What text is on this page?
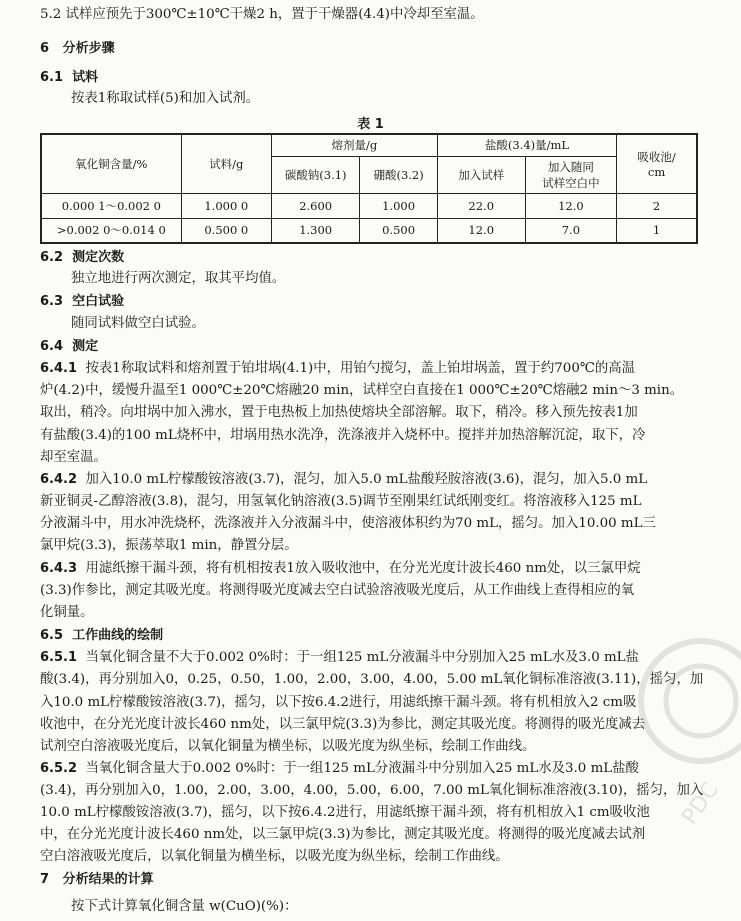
5.2 试样应预先于300℃±10℃干燥2 h，置于干燥器(4.4)中冷却至室温。
6 分析步骤
6.1 试料
按表1称取试样(5)和加入试剂。
表 1
氧化铜含量/%	试料/g	熔剂量/g		盐酸(3.4)量/mL		吸收池/
cm

		碳酸钠(3.1)	硼酸(3.2)	加入试样	加入随同
试样空白中	

0.000 1～0.002 0	1.000 0	2.600	1.000	22.0	12.0	2
>0.002 0～0.014 0	0.500 0	1.300	0.500	12.0	7.0	1
6.2 测定次数
独立地进行两次测定，取其平均值。
6.3 空白试验
随同试料做空白试验。
6.4 测定
6.4.1 按表1称取试料和熔剂置于铂坩埚(4.1)中，用铂勺搅匀，盖上铂坩埚盖，置于约700℃的高温
炉(4.2)中，缓慢升温至1 000℃±20℃熔融20 min，试样空白直接在1 000℃±20℃熔融2 min～3 min。
取出，稍冷。向坩埚中加入沸水，置于电热板上加热使熔块全部溶解。取下，稍冷。移入预先按表1加
有盐酸(3.4)的100 mL烧杯中，坩埚用热水洗净，洗涤液并入烧杯中。搅拌并加热溶解沉淀，取下，冷
却至室温。
6.4.2 加入10.0 mL柠檬酸铵溶液(3.7)，混匀，加入5.0 mL盐酸羟胺溶液(3.6)，混匀，加入5.0 mL
新亚铜灵-乙醇溶液(3.8)，混匀，用氢氧化钠溶液(3.5)调节至刚果红试纸刚变红。将溶液移入125 mL
分液漏斗中，用水冲洗烧杯，洗涤液并入分液漏斗中，使溶液体积约为70 mL，摇匀。加入10.00 mL三
氯甲烷(3.3)，振荡萃取1 min，静置分层。
6.4.3 用滤纸擦干漏斗颈，将有机相按表1放入吸收池中，在分光光度计波长460 nm处，以三氯甲烷
(3.3)作参比，测定其吸光度。将测得吸光度减去空白试验溶液吸光度后，从工作曲线上查得相应的氧
化铜量。
6.5 工作曲线的绘制
6.5.1 当氧化铜含量不大于0.002 0%时：于一组125 mL分液漏斗中分别加入25 mL水及3.0 mL盐
酸(3.4)，再分别加入0，0.25，0.50，1.00，2.00，3.00，4.00，5.00 mL氧化铜标准溶液(3.11)，摇匀，加
入10.0 mL柠檬酸铵溶液(3.7)，摇匀，以下按6.4.2进行，用滤纸擦干漏斗颈。将有机相放入2 cm吸
收池中，在分光光度计波长460 nm处，以三氯甲烷(3.3)为参比，测定其吸光度。将测得的吸光度减去
试剂空白溶液吸光度后，以氧化铜量为横坐标，以吸光度为纵坐标，绘制工作曲线。
6.5.2 当氧化铜含量大于0.002 0%时：于一组125 mL分液漏斗中分别加入25 mL水及3.0 mL盐酸
(3.4)，再分别加入0，1.00，2.00，3.00，4.00，5.00，6.00，7.00 mL氧化铜标准溶液(3.10)，摇匀，加入
10.0 mL柠檬酸铵溶液(3.7)，摇匀，以下按6.4.2进行，用滤纸擦干漏斗颈，将有机相放入1 cm吸收池
中，在分光光度计波长460 nm处，以三氯甲烷(3.3)为参比，测定其吸光度。将测得的吸光度减去试剂
空白溶液吸光度后，以氧化铜量为横坐标，以吸光度为纵坐标，绘制工作曲线。
7 分析结果的计算
按下式计算氧化铜含量 w(CuO)(%)：
PDC
